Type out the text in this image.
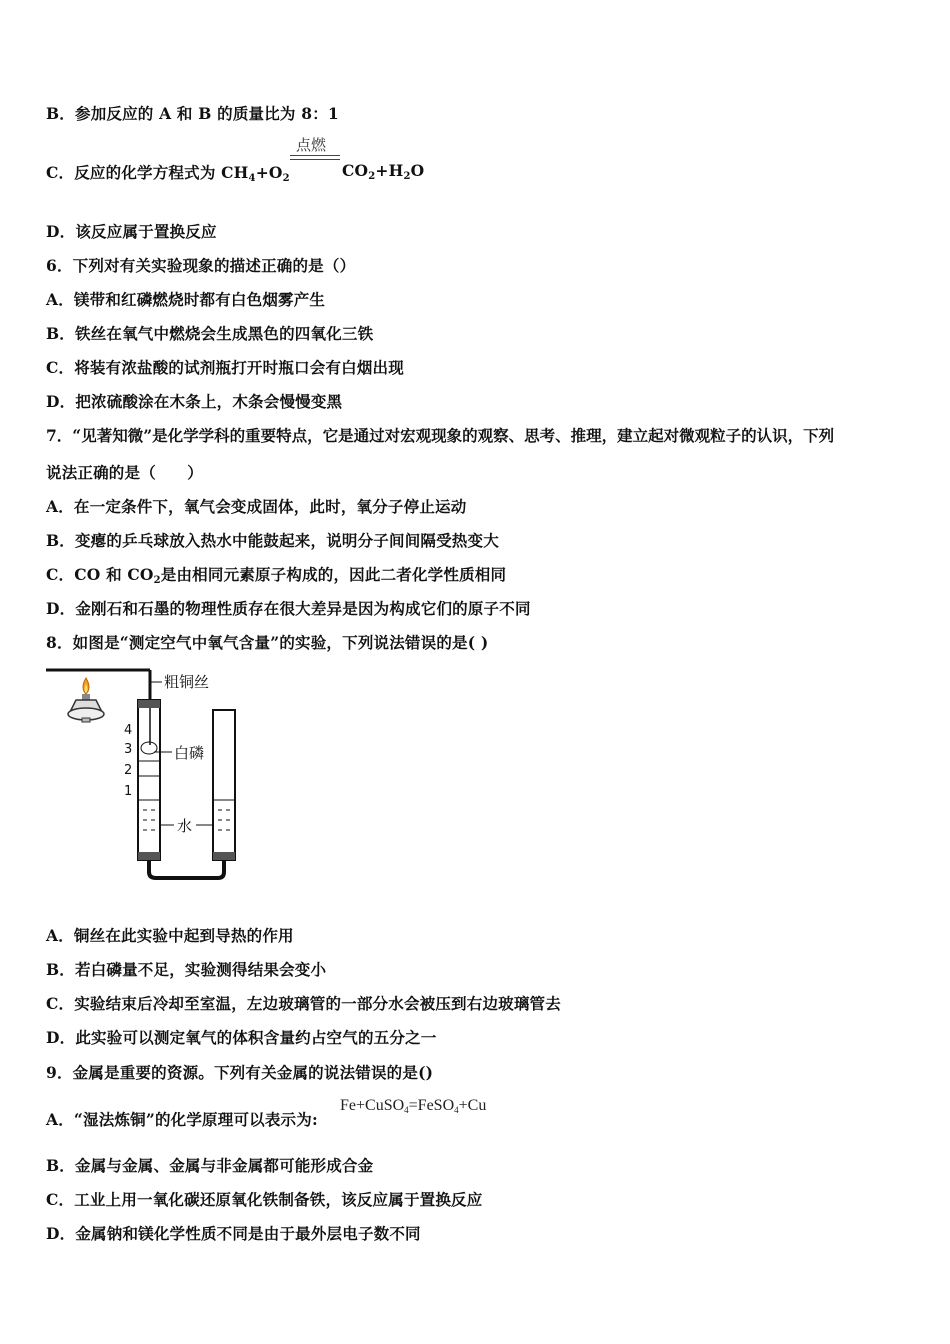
B．参加反应的 A 和 B 的质量比为 8：1
C．反应的化学方程式为 CH4+O2
点燃
CO2+H2O
D．该反应属于置换反应
6．下列对有关实验现象的描述正确的是（）
A．镁带和红磷燃烧时都有白色烟雾产生
B．铁丝在氧气中燃烧会生成黑色的四氧化三铁
C．将装有浓盐酸的试剂瓶打开时瓶口会有白烟出现
D．把浓硫酸涂在木条上，木条会慢慢变黑
7．“见著知微”是化学学科的重要特点，它是通过对宏观现象的观察、思考、推理，建立起对微观粒子的认识，下列
说法正确的是（　　）
A．在一定条件下，氧气会变成固体，此时，氧分子停止运动
B．变瘪的乒乓球放入热水中能鼓起来，说明分子间间隔受热变大
C．CO 和 CO2是由相同元素原子构成的，因此二者化学性质相同
D．金刚石和石墨的物理性质存在很大差异是因为构成它们的原子不同
8．如图是“测定空气中氧气含量”的实验，下列说法错误的是( )
粗铜丝
4
3
2
1
白磷
水
A．铜丝在此实验中起到导热的作用
B．若白磷量不足，实验测得结果会变小
C．实验结束后冷却至室温，左边玻璃管的一部分水会被压到右边玻璃管去
D．此实验可以测定氧气的体积含量约占空气的五分之一
9．金属是重要的资源。下列有关金属的说法错误的是()
A．“湿法炼铜”的化学原理可以表示为:
Fe+CuSO$_4$=FeSO$_4$+Cu
B．金属与金属、金属与非金属都可能形成合金
C．工业上用一氧化碳还原氧化铁制备铁，该反应属于置换反应
D．金属钠和镁化学性质不同是由于最外层电子数不同
